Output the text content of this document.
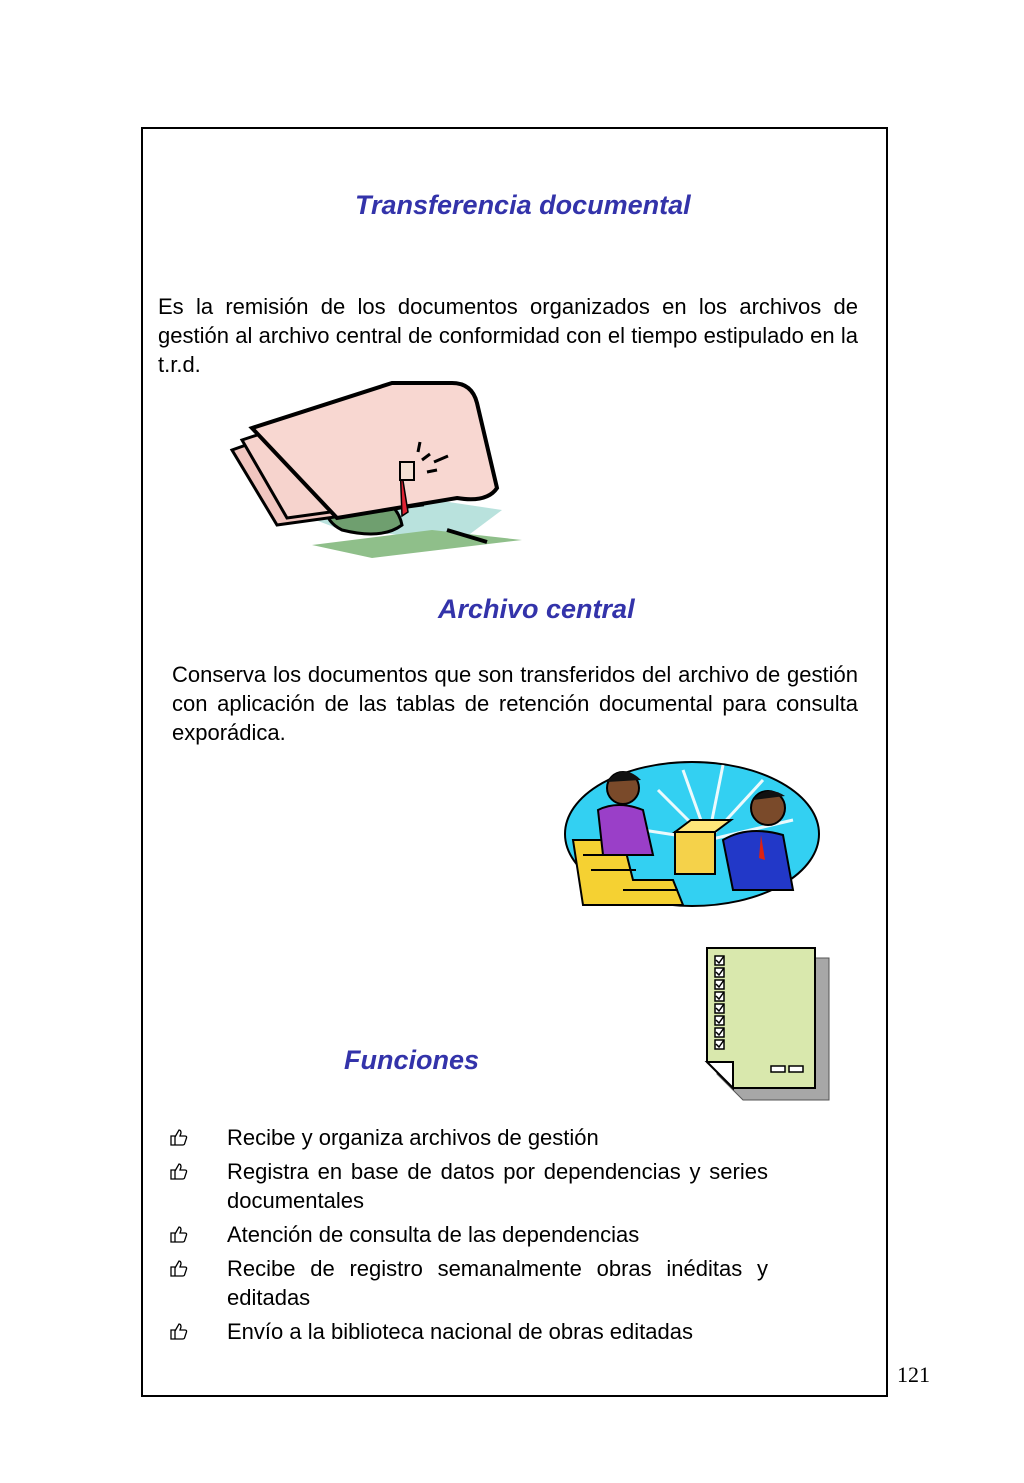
Transferencia documental

Es la remisión de los documentos organizados en los archivos de gestión al archivo central de conformidad con el tiempo estipulado en la t.r.d.

Archivo central

Conserva los documentos que son transferidos del archivo de gestión con aplicación de las tablas de retención documental para consulta exporádica.

Funciones
Recibe y organiza archivos de gestión
Registra en base de datos por dependencias y series documentales
Atención de consulta de las dependencias
Recibe de registro semanalmente obras inéditas y editadas
Envío a la biblioteca nacional de obras editadas
121
